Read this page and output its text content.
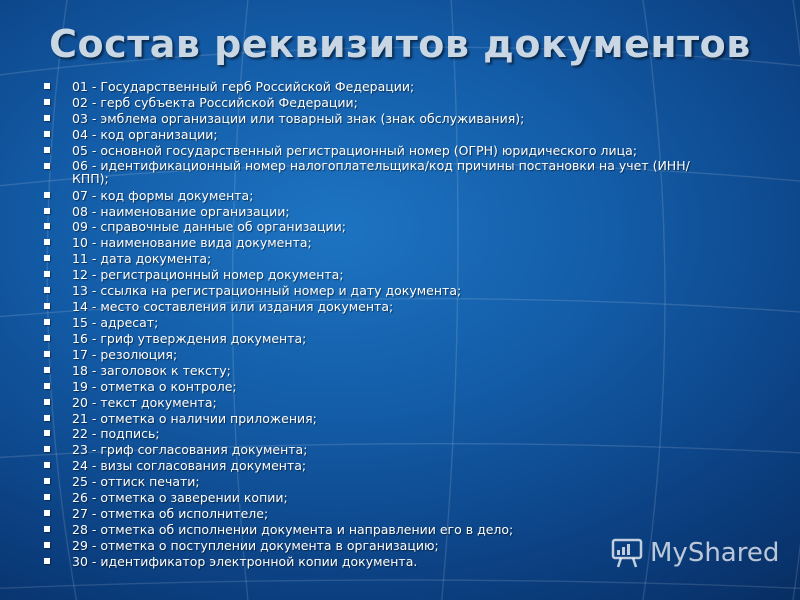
Состав реквизитов документов
01 - Государственный герб Российской Федерации;
02 - герб субъекта Российской Федерации;
03 - эмблема организации или товарный знак (знак обслуживания);
04 - код организации;
05 - основной государственный регистрационный номер (ОГРН) юридического лица;
06 - идентификационный номер налогоплательщика/код причины постановки на учет (ИНН/КПП);
07 - код формы документа;
08 - наименование организации;
09 - справочные данные об организации;
10 - наименование вида документа;
11 - дата документа;
12 - регистрационный номер документа;
13 - ссылка на регистрационный номер и дату документа;
14 - место составления или издания документа;
15 - адресат;
16 - гриф утверждения документа;
17 - резолюция;
18 - заголовок к тексту;
19 - отметка о контроле;
20 - текст документа;
21 - отметка о наличии приложения;
22 - подпись;
23 - гриф согласования документа;
24 - визы согласования документа;
25 - оттиск печати;
26 - отметка о заверении копии;
27 - отметка об исполнителе;
28 - отметка об исполнении документа и направлении его в дело;
29 - отметка о поступлении документа в организацию;
30 - идентификатор электронной копии документа.	MyShared
